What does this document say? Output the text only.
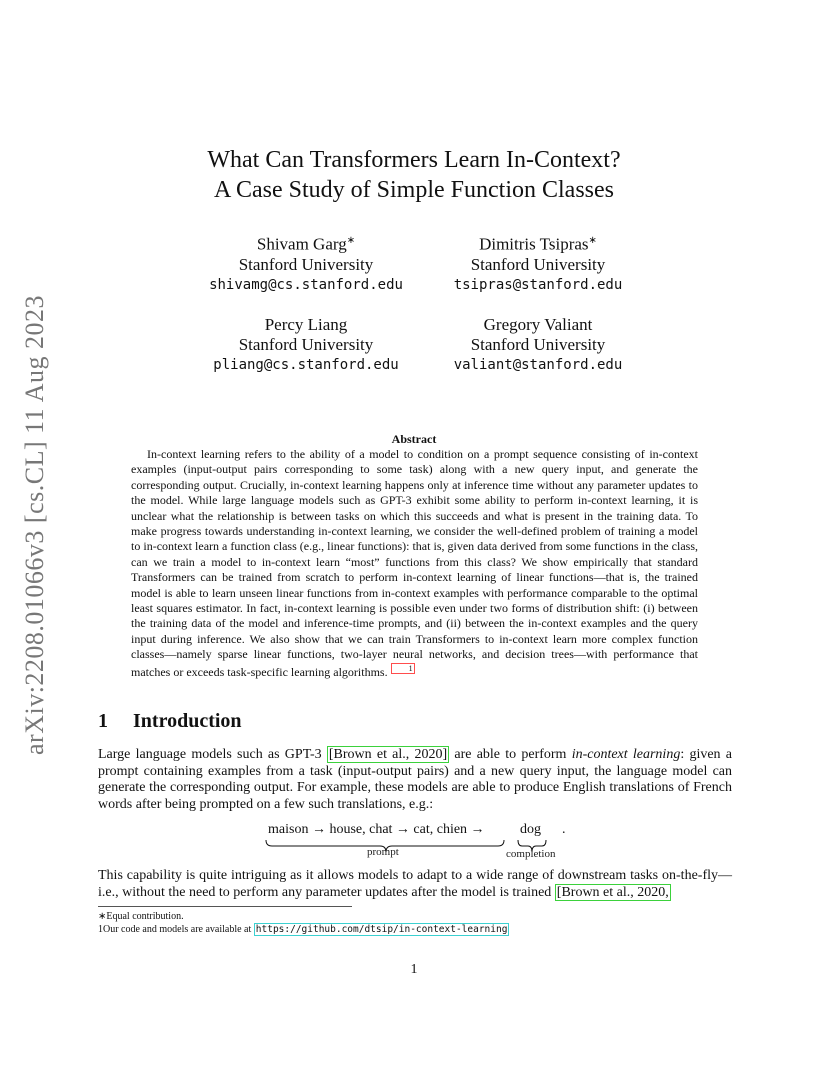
arXiv:2208.01066v3 [cs.CL] 11 Aug 2023
What Can Transformers Learn In-Context?
A Case Study of Simple Function Classes
Shivam Garg∗
Stanford University
shivamg@cs.stanford.edu
Dimitris Tsipras∗
Stanford University
tsipras@stanford.edu
Percy Liang
Stanford University
pliang@cs.stanford.edu
Gregory Valiant
Stanford University
valiant@stanford.edu
Abstract
In-context learning refers to the ability of a model to condition on a prompt sequence consisting of in-context examples (input-output pairs corresponding to some task) along with a new query input, and generate the corresponding output. Crucially, in-context learning happens only at inference time without any parameter updates to the model. While large language models such as GPT-3 exhibit some ability to perform in-context learning, it is unclear what the relationship is between tasks on which this succeeds and what is present in the training data. To make progress towards understanding in-context learning, we consider the well-defined problem of training a model to in-context learn a function class (e.g., linear functions): that is, given data derived from some functions in the class, can we train a model to in-context learn “most” functions from this class? We show empirically that standard Transformers can be trained from scratch to perform in-context learning of linear functions—that is, the trained model is able to learn unseen linear functions from in-context examples with performance comparable to the optimal least squares estimator. In fact, in-context learning is possible even under two forms of distribution shift: (i) between the training data of the model and inference-time prompts, and (ii) between the in-context examples and the query input during inference. We also show that we can train Transformers to in-context learn more complex function classes—namely sparse linear functions, two-layer neural networks, and decision trees—with performance that matches or exceeds task-specific learning algorithms.	1
1 Introduction
Large language models such as GPT-3 [Brown et al., 2020] are able to perform in-context learning: given a prompt containing examples from a task (input-output pairs) and a new query input, the language model can generate the corresponding output. For example, these models are able to produce English translations of French words after being prompted on a few such translations, e.g.:
maison → house, chat → cat, chien →	dog .
prompt	completion
This capability is quite intriguing as it allows models to adapt to a wide range of downstream tasks on-the-fly—i.e., without the need to perform any parameter updates after the model is trained [Brown et al., 2020,
∗Equal contribution.
1Our code and models are available at https://github.com/dtsip/in-context-learning
1
